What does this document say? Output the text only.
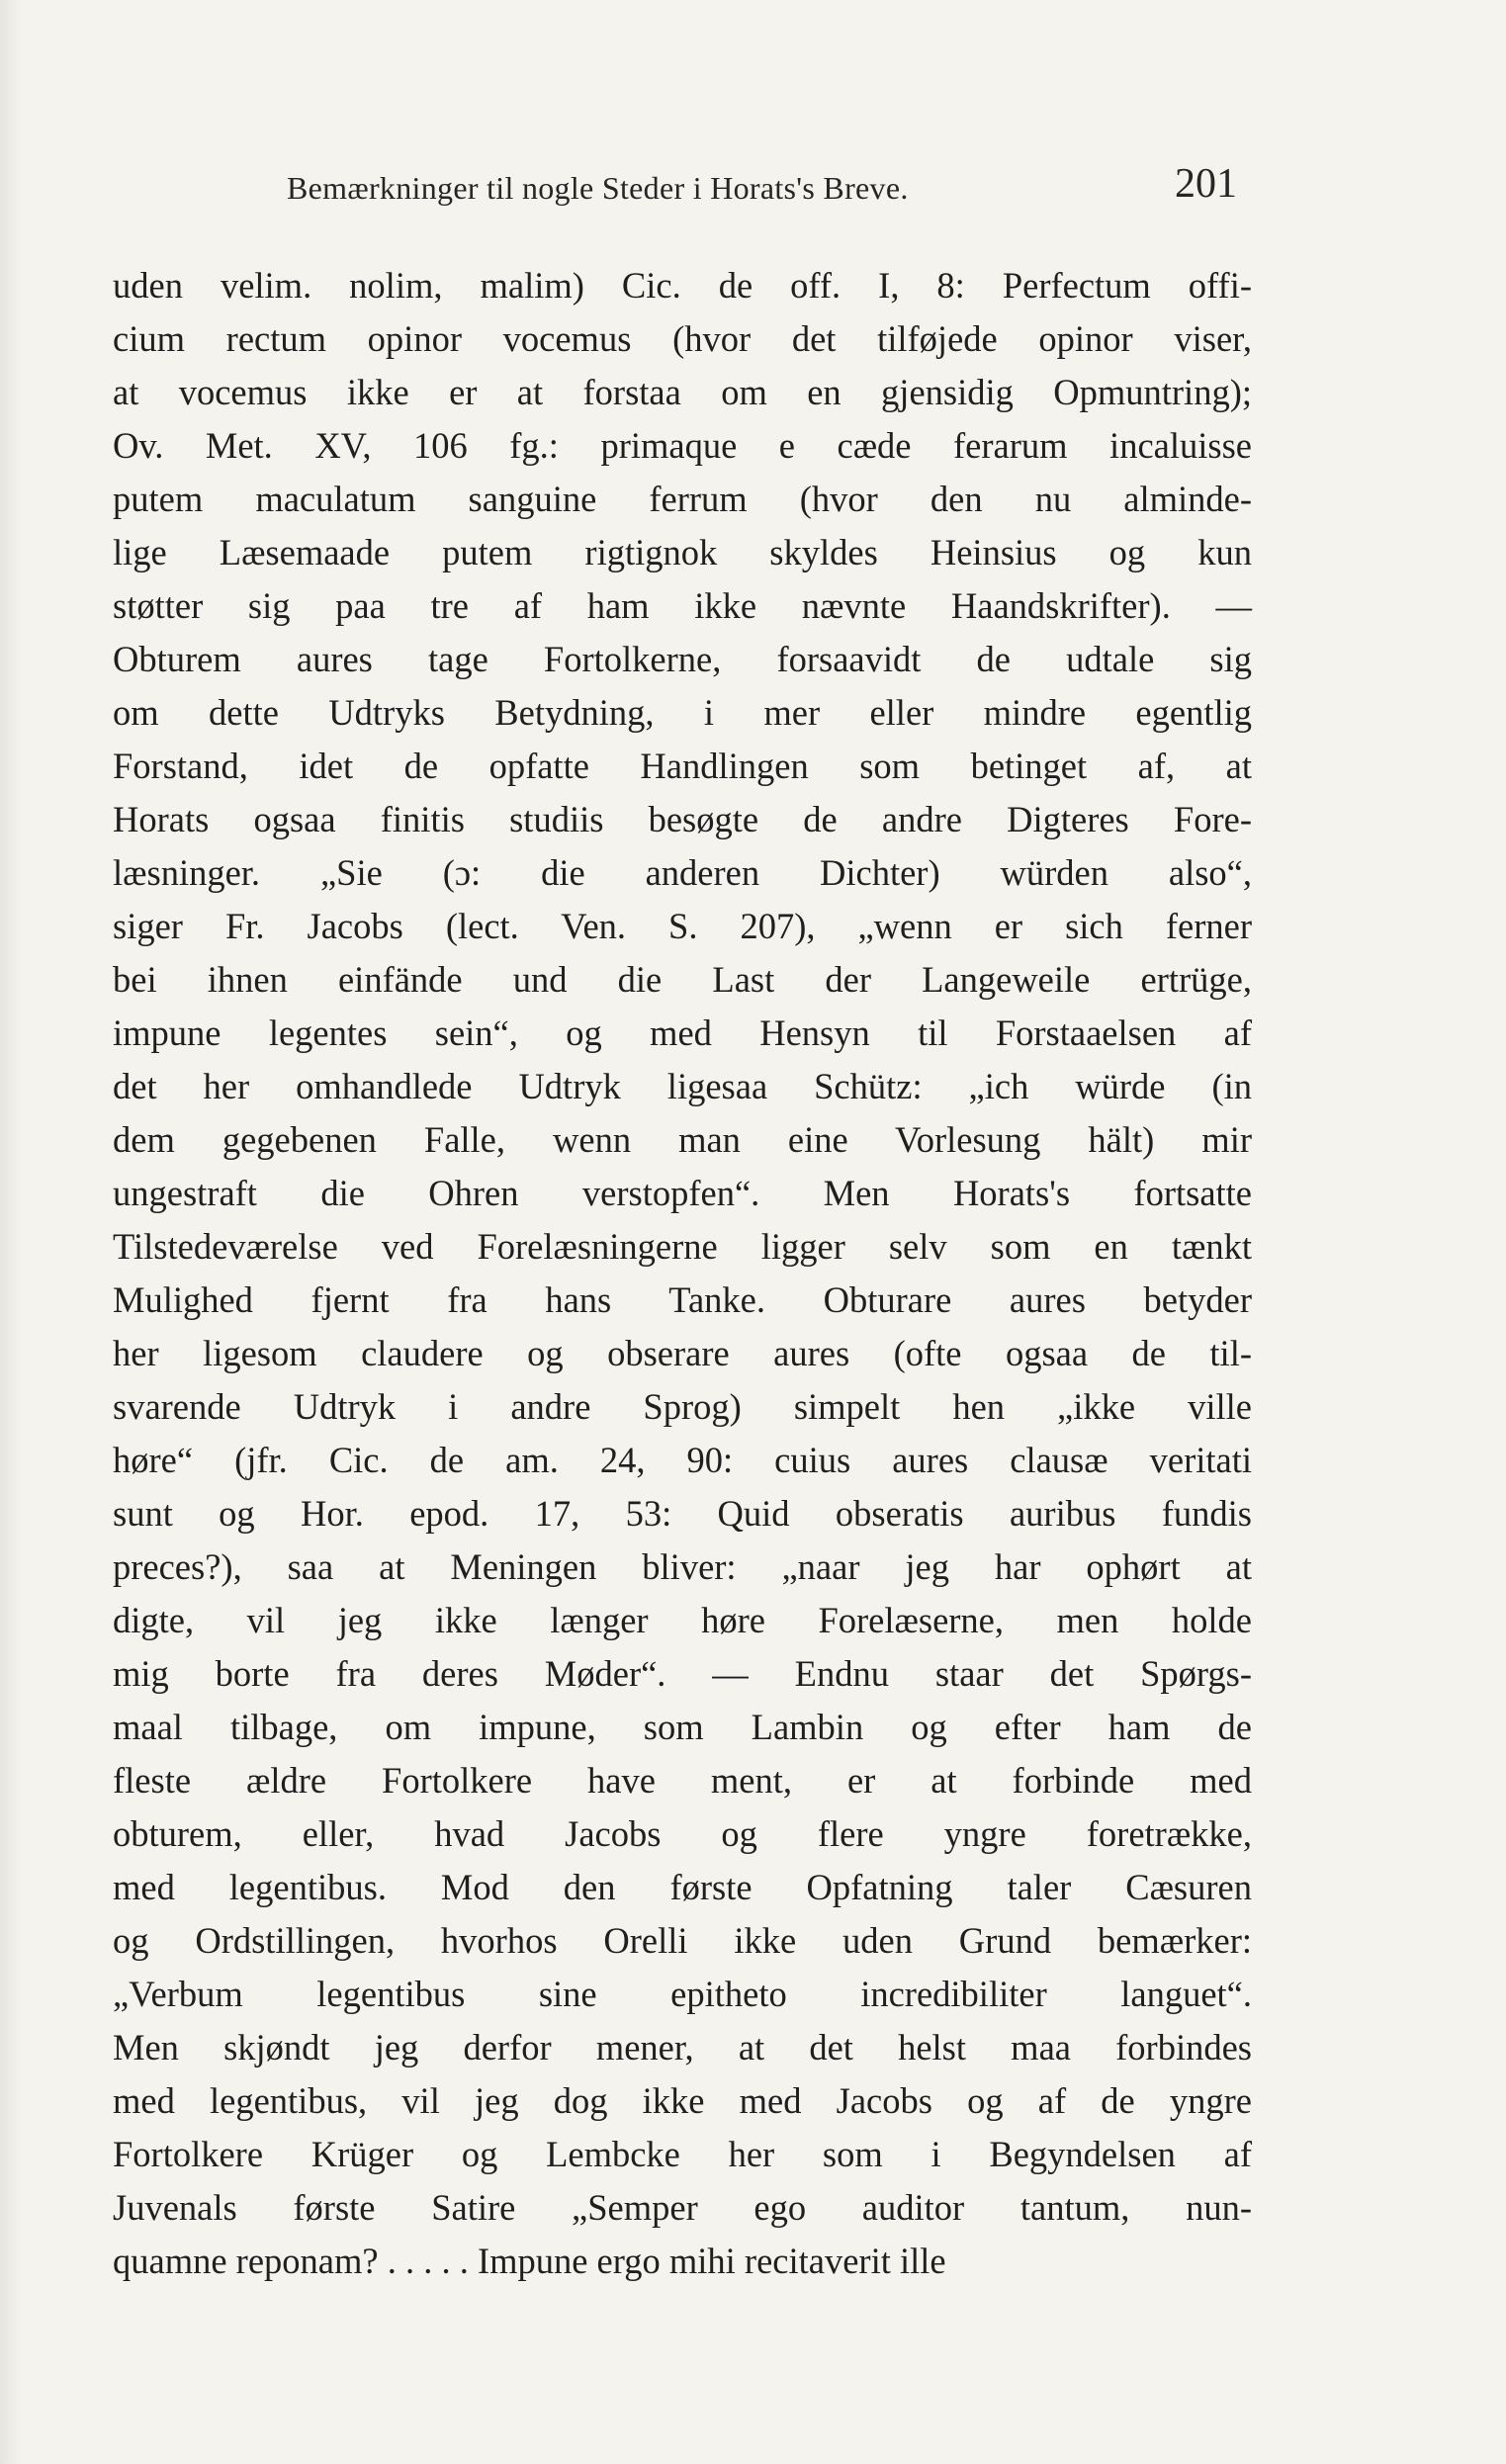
Bemærkninger til nogle Steder i Horats's Breve.	201
uden velim. nolim, malim) Cic. de off. I, 8: Perfectum offi-
cium rectum opinor vocemus (hvor det tilføjede opinor viser,
at vocemus ikke er at forstaa om en gjensidig Opmuntring);
Ov. Met. XV, 106 fg.: primaque e cæde ferarum incaluisse
putem maculatum sanguine ferrum (hvor den nu alminde-
lige Læsemaade putem rigtignok skyldes Heinsius og kun
støtter sig paa tre af ham ikke nævnte Haandskrifter). —
Obturem aures tage Fortolkerne, forsaavidt de udtale sig
om dette Udtryks Betydning, i mer eller mindre egentlig
Forstand, idet de opfatte Handlingen som betinget af, at
Horats ogsaa finitis studiis besøgte de andre Digteres Fore-
læsninger. „Sie (ɔ: die anderen Dichter) würden also“,
siger Fr. Jacobs (lect. Ven. S. 207), „wenn er sich ferner
bei ihnen einfände und die Last der Langeweile ertrüge,
impune legentes sein“, og med Hensyn til Forstaaelsen af
det her omhandlede Udtryk ligesaa Schütz: „ich würde (in
dem gegebenen Falle, wenn man eine Vorlesung hält) mir
ungestraft die Ohren verstopfen“. Men Horats's fortsatte
Tilstedeværelse ved Forelæsningerne ligger selv som en tænkt
Mulighed fjernt fra hans Tanke. Obturare aures betyder
her ligesom claudere og obserare aures (ofte ogsaa de til-
svarende Udtryk i andre Sprog) simpelt hen „ikke ville
høre“ (jfr. Cic. de am. 24, 90: cuius aures clausæ veritati
sunt og Hor. epod. 17, 53: Quid obseratis auribus fundis
preces?), saa at Meningen bliver: „naar jeg har ophørt at
digte, vil jeg ikke længer høre Forelæserne, men holde
mig borte fra deres Møder“. — Endnu staar det Spørgs-
maal tilbage, om impune, som Lambin og efter ham de
fleste ældre Fortolkere have ment, er at forbinde med
obturem, eller, hvad Jacobs og flere yngre foretrække,
med legentibus. Mod den første Opfatning taler Cæsuren
og Ordstillingen, hvorhos Orelli ikke uden Grund bemærker:
„Verbum legentibus sine epitheto incredibiliter languet“.
Men skjøndt jeg derfor mener, at det helst maa forbindes
med legentibus, vil jeg dog ikke med Jacobs og af de yngre
Fortolkere Krüger og Lembcke her som i Begyndelsen af
Juvenals første Satire „Semper ego auditor tantum, nun-
quamne reponam? . . . . . Impune ergo mihi recitaverit ille
